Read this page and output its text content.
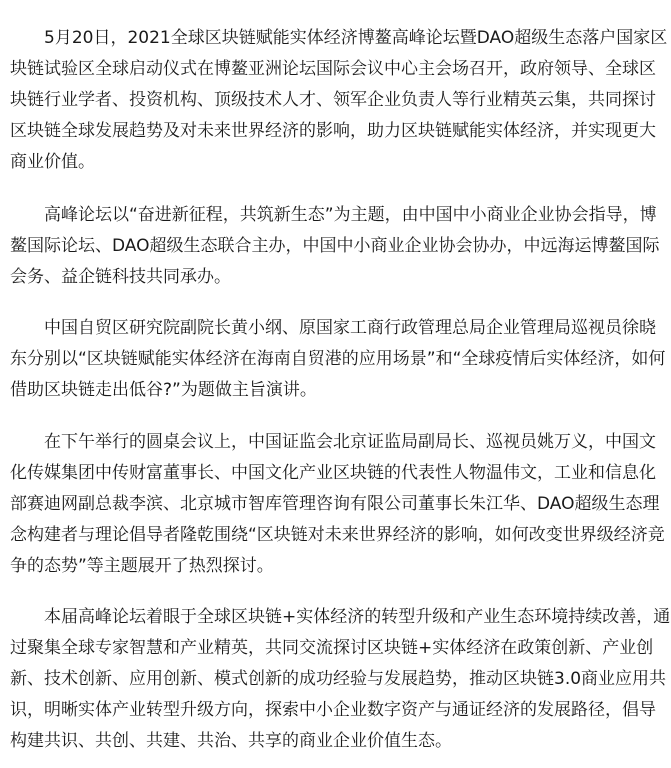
5月20日，2021全球区块链赋能实体经济博鳌高峰论坛暨DAO超级生态落户国家区块链试验区全球启动仪式在博鳌亚洲论坛国际会议中心主会场召开，政府领导、全球区块链行业学者、投资机构、顶级技术人才、领军企业负责人等行业精英云集，共同探讨区块链全球发展趋势及对未来世界经济的影响，助力区块链赋能实体经济，并实现更大商业价值。

高峰论坛以“奋进新征程，共筑新生态”为主题，由中国中小商业企业协会指导，博鳌国际论坛、DAO超级生态联合主办，中国中小商业企业协会协办，中远海运博鳌国际会务、益企链科技共同承办。

中国自贸区研究院副院长黄小纲、原国家工商行政管理总局企业管理局巡视员徐晓东分别以“区块链赋能实体经济在海南自贸港的应用场景”和“全球疫情后实体经济，如何借助区块链走出低谷?”为题做主旨演讲。

在下午举行的圆桌会议上，中国证监会北京证监局副局长、巡视员姚万义，中国文化传媒集团中传财富董事长、中国文化产业区块链的代表性人物温伟文，工业和信息化部赛迪网副总裁李滨、北京城市智库管理咨询有限公司董事长朱江华、DAO超级生态理念构建者与理论倡导者隆乾围绕“区块链对未来世界经济的影响，如何改变世界级经济竞争的态势”等主题展开了热烈探讨。

本届高峰论坛着眼于全球区块链+实体经济的转型升级和产业生态环境持续改善，通过聚集全球专家智慧和产业精英，共同交流探讨区块链+实体经济在政策创新、产业创新、技术创新、应用创新、模式创新的成功经验与发展趋势，推动区块链3.0商业应用共识，明晰实体产业转型升级方向，探索中小企业数字资产与通证经济的发展路径，倡导构建共识、共创、共建、共治、共享的商业企业价值生态。
